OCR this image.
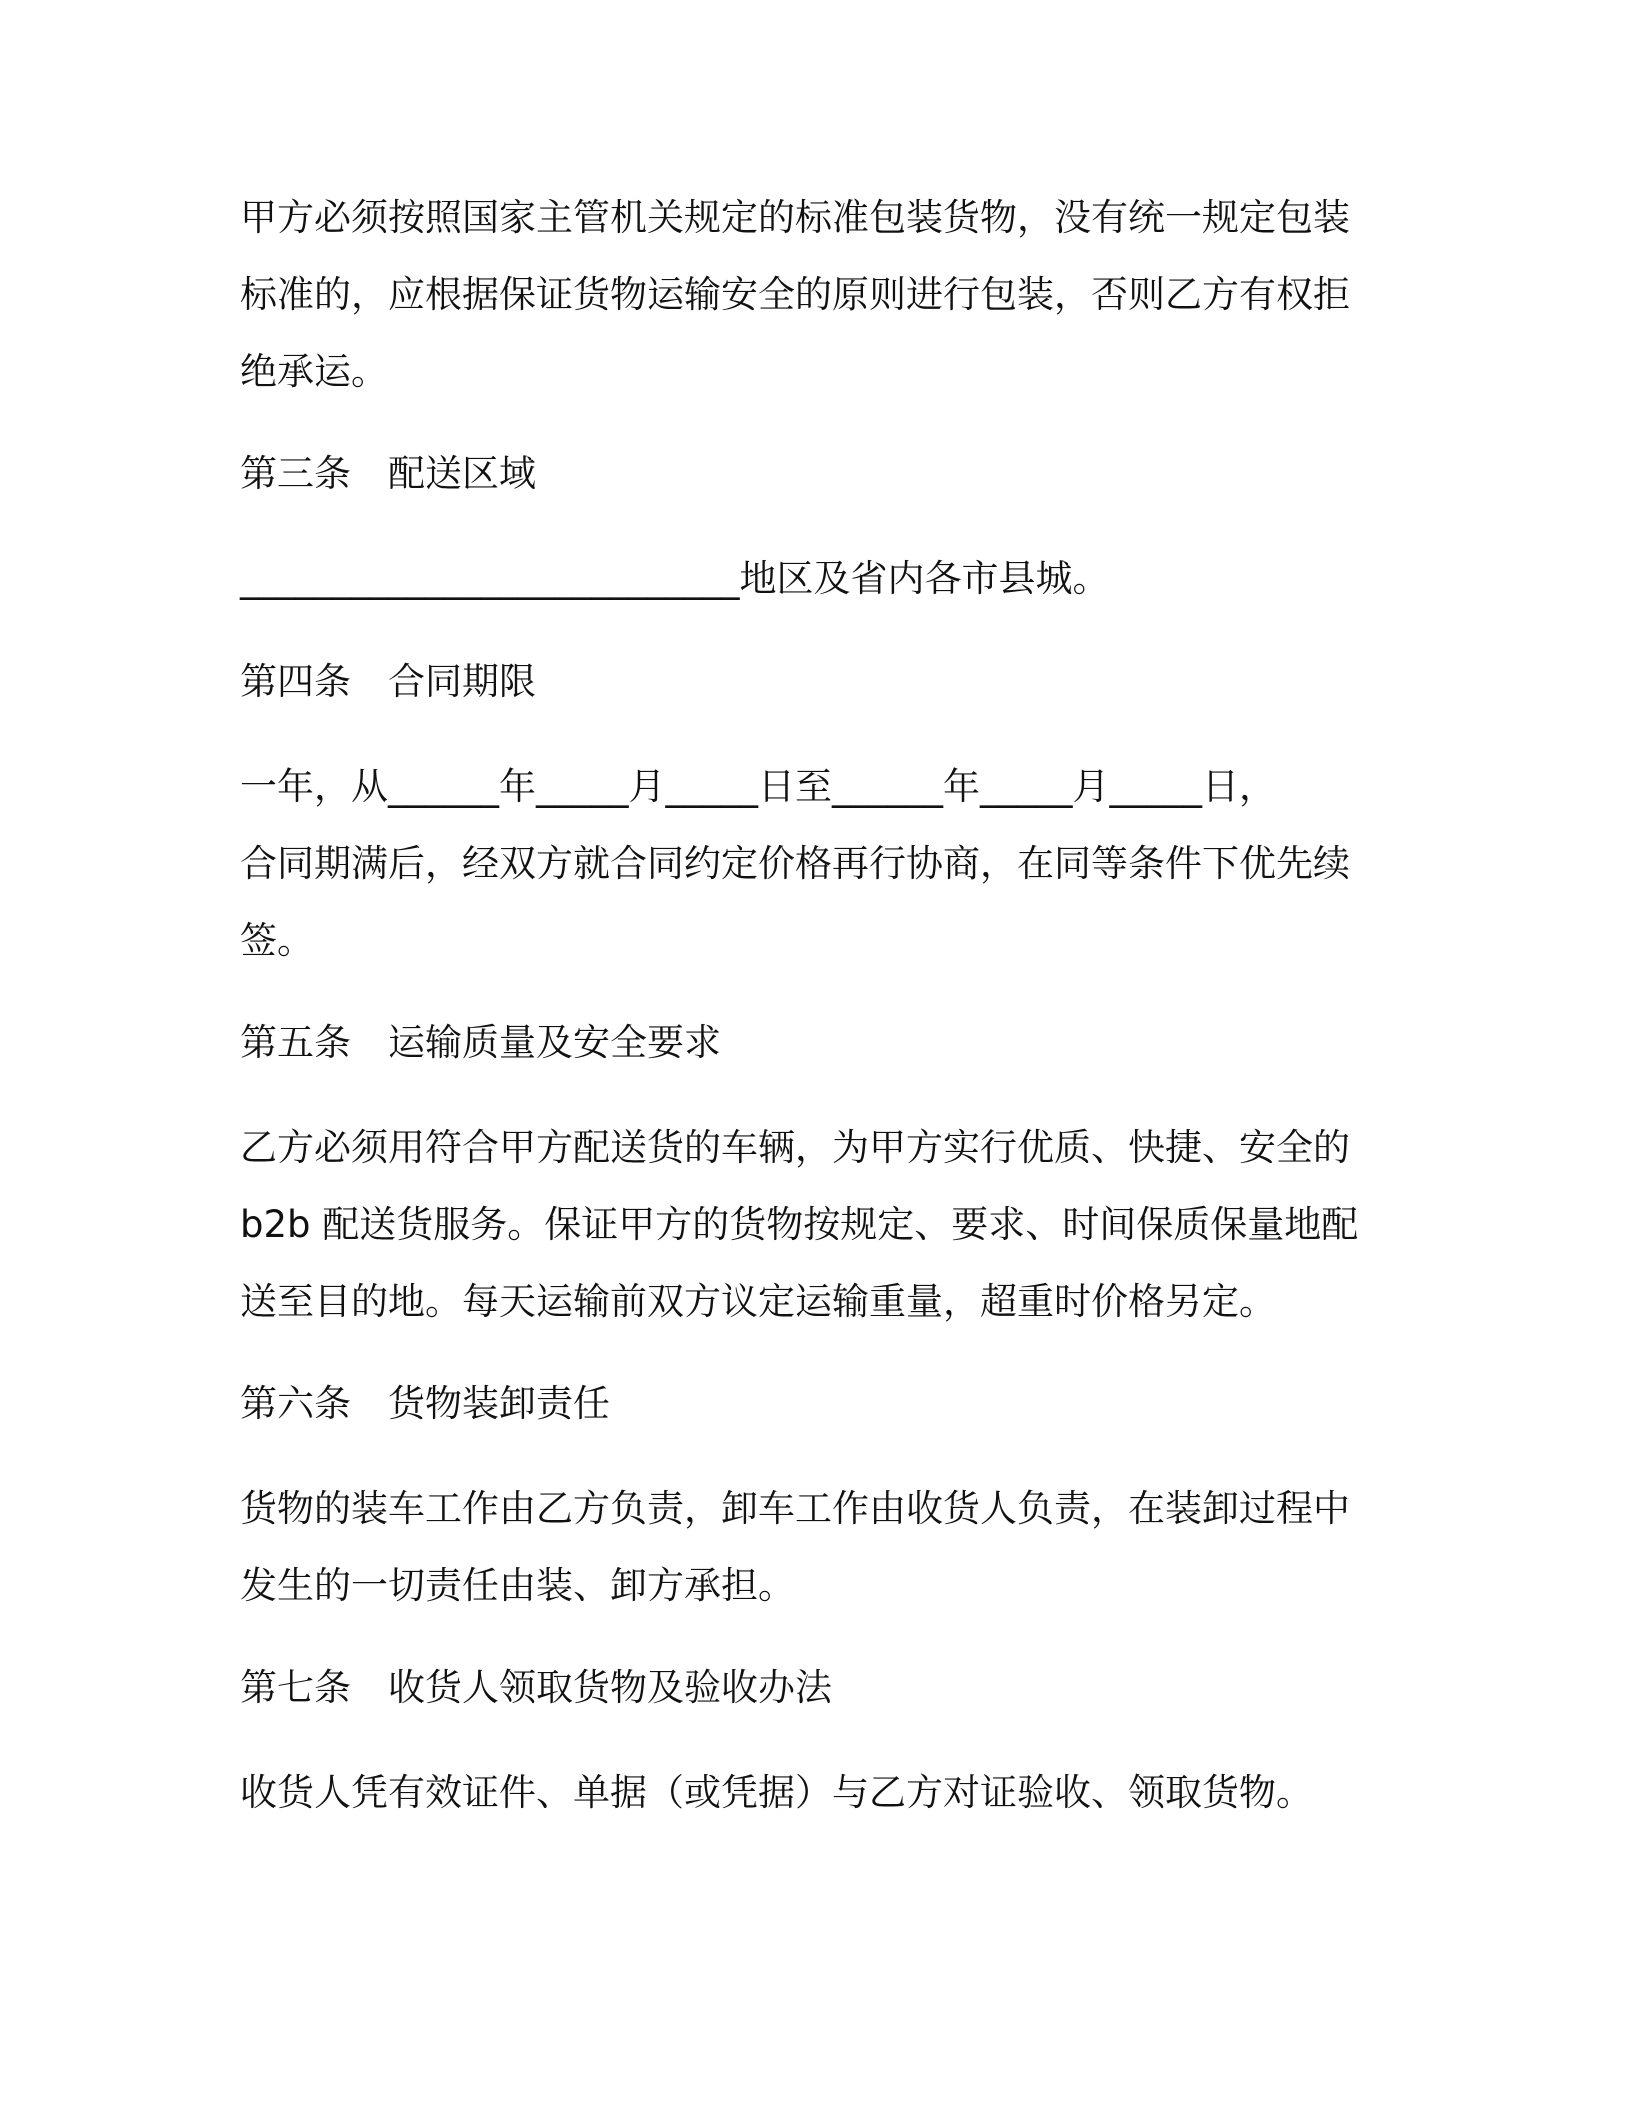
甲方必须按照国家主管机关规定的标准包装货物，没有统一规定包装
标准的，应根据保证货物运输安全的原则进行包装，否则乙方有权拒
绝承运。
第三条 配送区域
___________________________地区及省内各市县城。
第四条 合同期限
一年，从______年_____月_____日至______年_____月_____日，
合同期满后，经双方就合同约定价格再行协商，在同等条件下优先续
签。
第五条 运输质量及安全要求
乙方必须用符合甲方配送货的车辆，为甲方实行优质、快捷、安全的
b2b 配送货服务。保证甲方的货物按规定、要求、时间保质保量地配
送至目的地。每天运输前双方议定运输重量，超重时价格另定。
第六条 货物装卸责任
货物的装车工作由乙方负责，卸车工作由收货人负责，在装卸过程中
发生的一切责任由装、卸方承担。
第七条 收货人领取货物及验收办法
收货人凭有效证件、单据（或凭据）与乙方对证验收、领取货物。
